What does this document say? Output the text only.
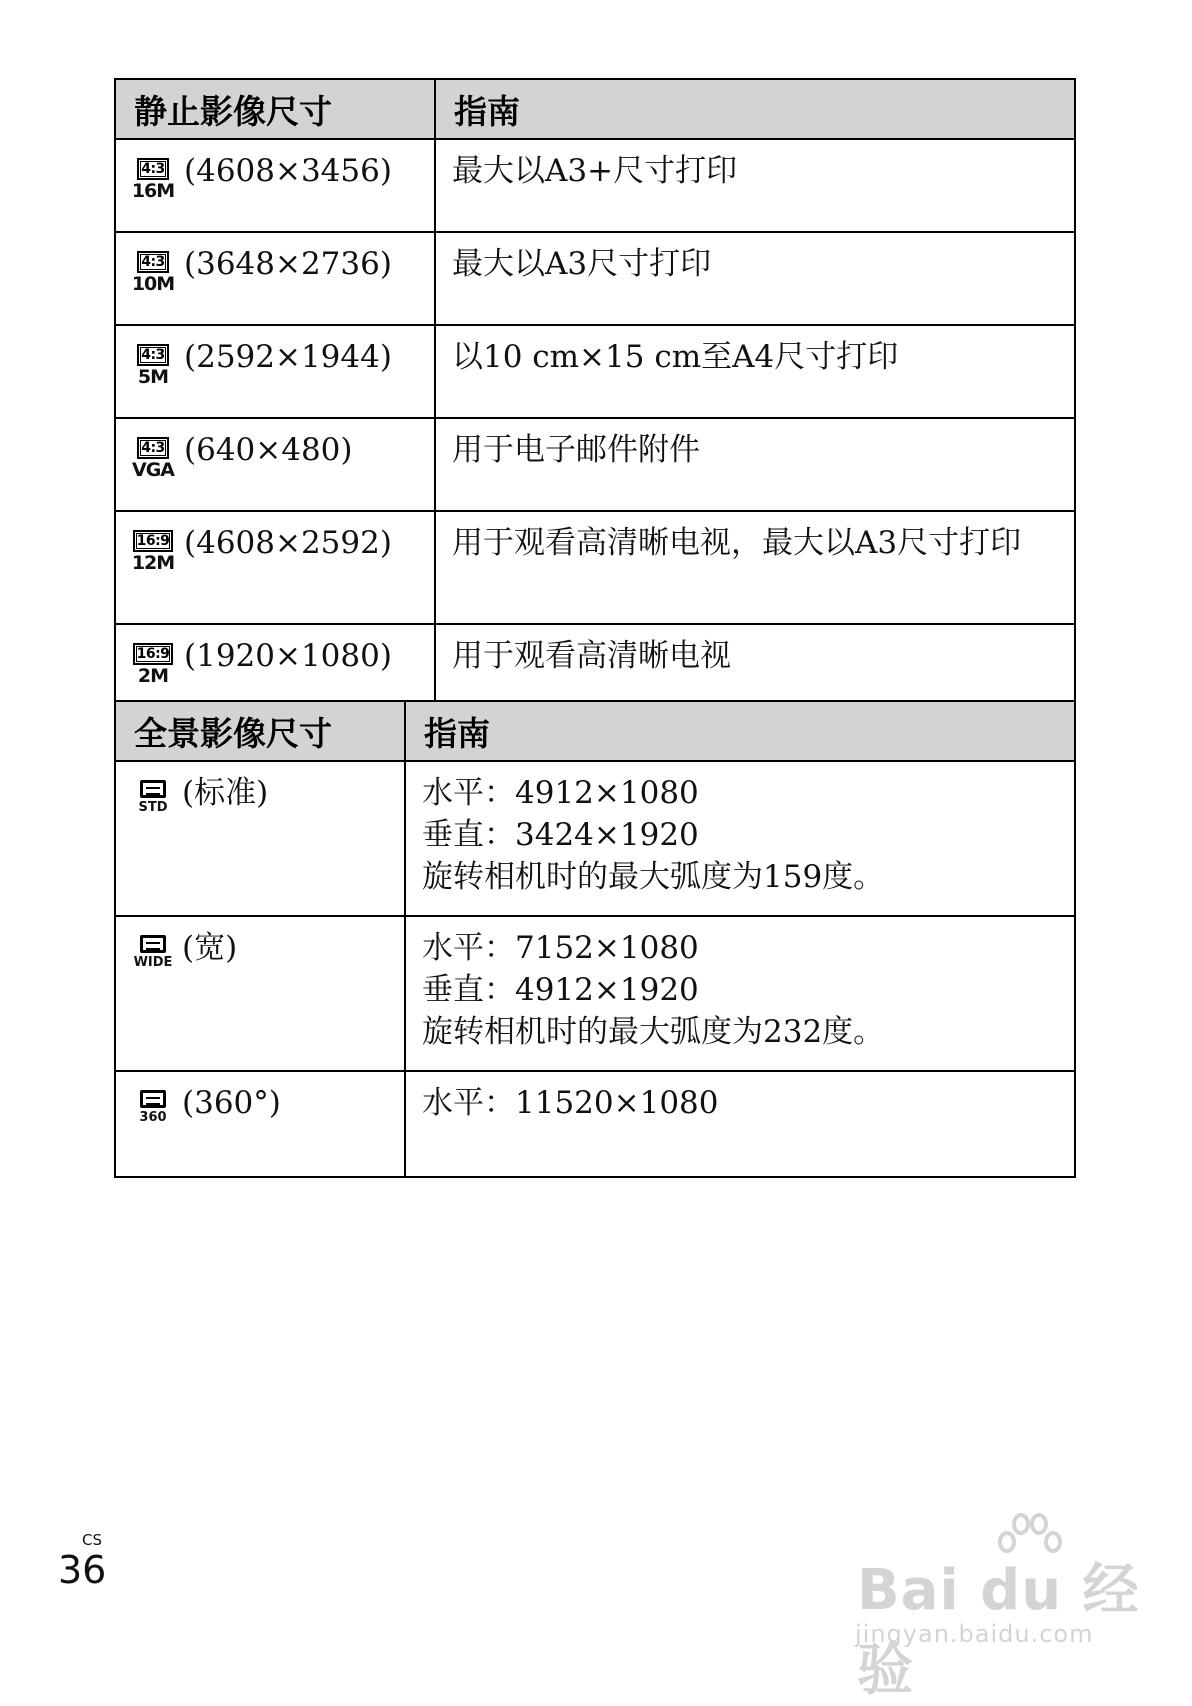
静止影像尺寸	指南

4:3
16M
(4608×3456)	最大以A3+尺寸打印

4:3
10M
(3648×2736)	最大以A3尺寸打印

4:3
5M
(2592×1944)	以10 cm×15 cm至A4尺寸打印

4:3
VGA
(640×480)	用于电子邮件附件

16:9
12M
(4608×2592)	用于观看高清晰电视，最大以A3尺寸打印

16:9
2M
(1920×1080)	用于观看高清晰电视
全景影像尺寸	指南

STD (标准)	水平：4912×1080
垂直：3424×1920
旋转相机时的最大弧度为159度。

WIDE (宽)	水平：7152×1080
垂直：4912×1920
旋转相机时的最大弧度为232度。

360 (360°)	水平：11520×1080
CS
36	Bai du 经验
jingyan.baidu.com
